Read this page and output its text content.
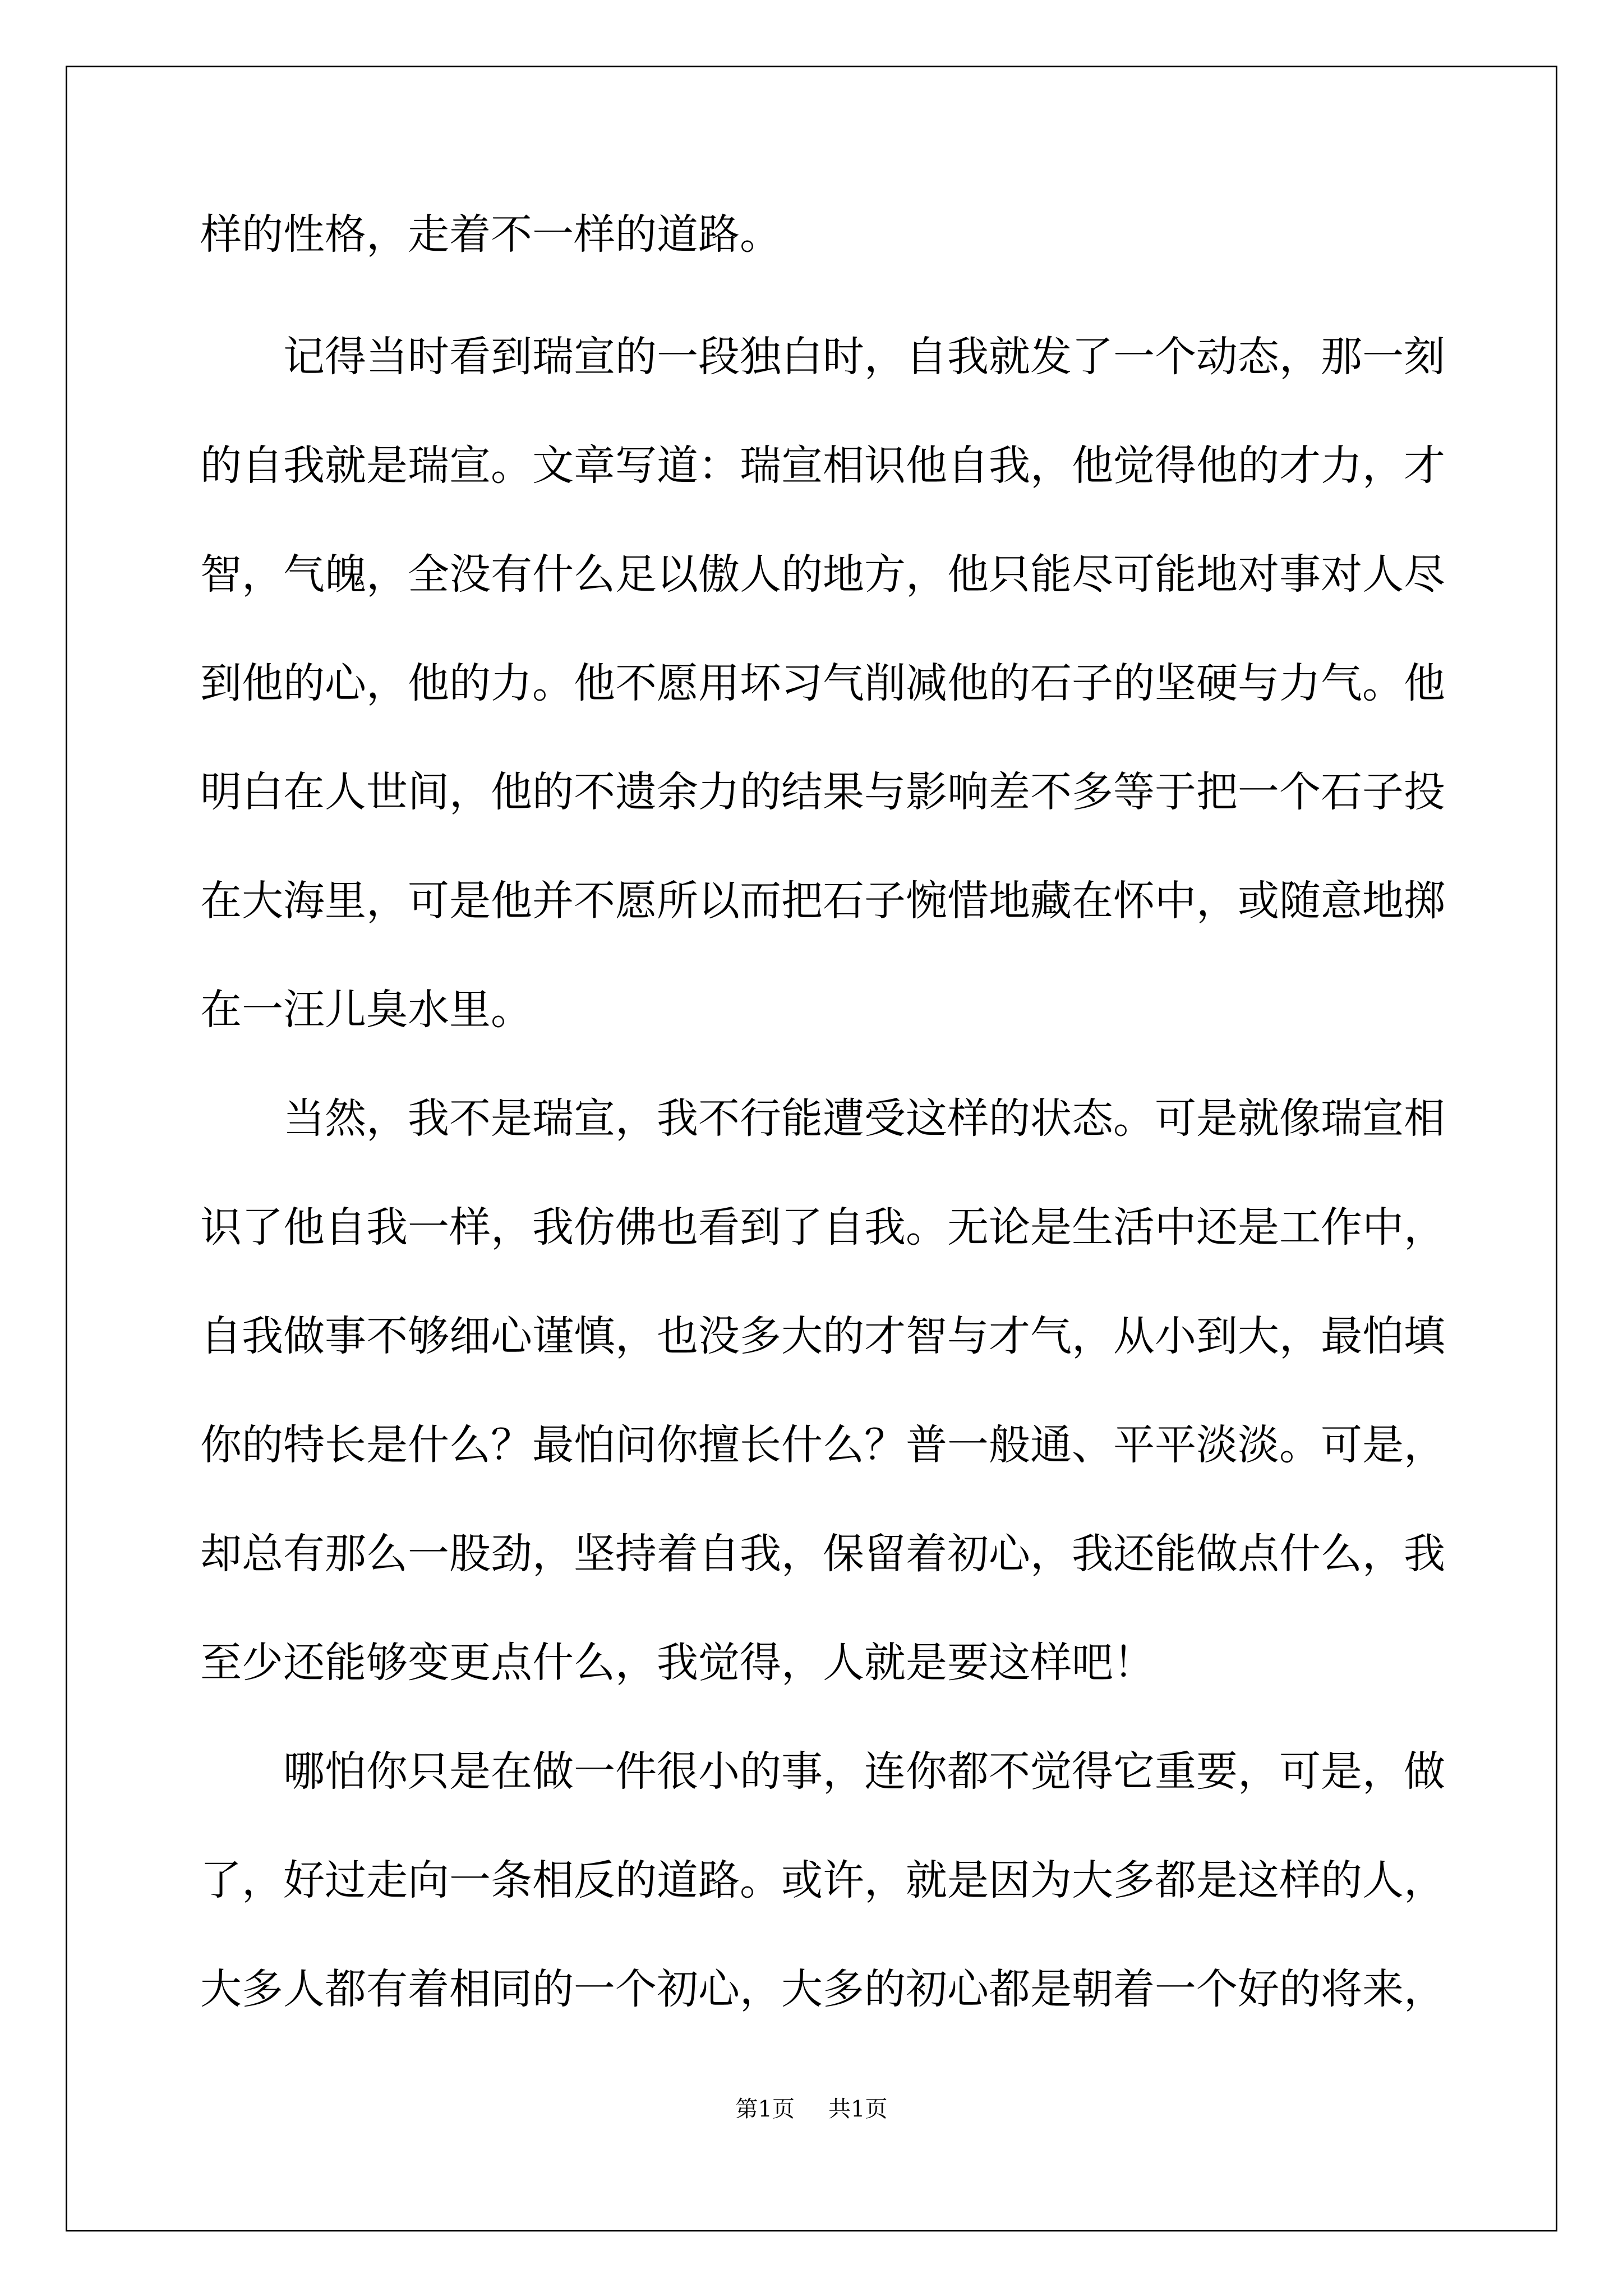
样的性格，走着不一样的道路。
记得当时看到瑞宣的一段独白时，自我就发了一个动态，那一刻
的自我就是瑞宣。文章写道：瑞宣相识他自我，他觉得他的才力，才
智，气魄，全没有什么足以傲人的地方，他只能尽可能地对事对人尽
到他的心，他的力。他不愿用坏习气削减他的石子的坚硬与力气。他
明白在人世间，他的不遗余力的结果与影响差不多等于把一个石子投
在大海里，可是他并不愿所以而把石子惋惜地藏在怀中，或随意地掷
在一汪儿臭水里。
当然，我不是瑞宣，我不行能遭受这样的状态。可是就像瑞宣相
识了他自我一样，我仿佛也看到了自我。无论是生活中还是工作中，
自我做事不够细心谨慎，也没多大的才智与才气，从小到大，最怕填
你的特长是什么？最怕问你擅长什么？普一般通、平平淡淡。可是，
却总有那么一股劲，坚持着自我，保留着初心，我还能做点什么，我
至少还能够变更点什么，我觉得，人就是要这样吧！
哪怕你只是在做一件很小的事，连你都不觉得它重要，可是，做
了，好过走向一条相反的道路。或许，就是因为大多都是这样的人，
大多人都有着相同的一个初心，大多的初心都是朝着一个好的将来，
第1页 共1页
